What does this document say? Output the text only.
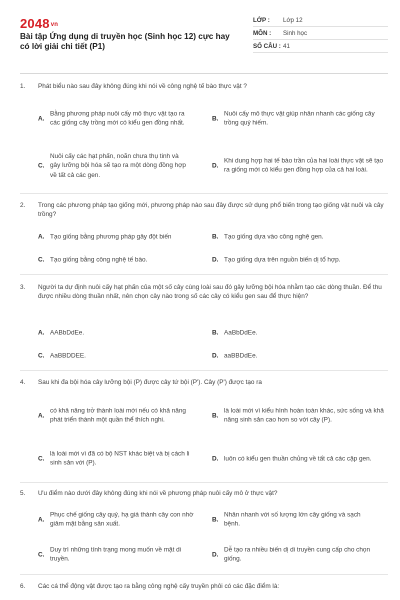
$2048_{vn}$
Bài tập Ứng dụng di truyền học (Sinh học 12) cực hay có lời giải chi tiết (P1)
LỚP :	Lớp 12
MÔN :	Sinh học
SỐ CÂU : 41
1. Phát biểu nào sau đây không đúng khi nói về công nghệ tế bào thực vật ?
A.
Bằng phương pháp nuôi cấy mô thực vật tạo ra các giống cây trồng mới có kiểu gen đồng nhất.
B.
Nuôi cấy mô thực vật giúp nhân nhanh các giống cây trồng quý hiếm.
C.
Nuôi cấy các hạt phấn, noãn chưa thụ tinh và gây lưỡng bội hóa sẽ tạo ra một dòng đồng hợp về tất cả các gen.
D.
Khi dung hợp hai tế bào trần của hai loài thực vật sẽ tạo ra giống mới có kiểu gen đồng hợp của cả hai loài.
2. Trong các phương pháp tạo giống mới, phương pháp nào sau đây được sử dụng phổ biến trong tạo giống vật nuôi và cây trồng?
A. Tạo giống bằng phương pháp gây đột biến	B. Tạo giống dựa vào công nghệ gen.
C. Tạo giống bằng công nghệ tế bào.	D. Tạo giống dựa trên nguồn biến dị tổ hợp.
3. Người ta dự định nuôi cấy hạt phấn của một số cây cùng loài sau đó gây lưỡng bội hóa nhằm tạo các dòng thuần. Để thu được nhiều dòng thuần nhất, nên chọn cây nào trong số các cây có kiểu gen sau để thực hiện?
A. AABbDdEe.	B. AaBbDdEe.
C. AaBBDDEE.	D. aaBBDdEe.
4. Sau khi đa bội hóa cây lưỡng bội (P) được cây tứ bội (P'). Cây (P') được tạo ra
A.
có khả năng trở thành loài mới nếu có khả năng phát triển thành một quần thể thích nghi.
B.
là loài mới vì kiểu hình hoàn toàn khác, sức sống và khả năng sinh sản cao hơn so với cây (P).
C.
là loài mới vì đã có bộ NST khác biệt và bị cách li sinh sản với (P).
D. luôn có kiểu gen thuần chủng về tất cả các cặp gen.
5. Ưu điểm nào dưới đây không đúng khi nói về phương pháp nuôi cấy mô ở thực vật?
A.
Phục chế giống cây quý, hạ giá thành cây con nhờ giảm mặt bằng sản xuất.
B.
Nhân nhanh với số lượng lớn cây giống và sạch bệnh.
C.
Duy trì những tính trạng mong muốn về mặt di truyền.
D.
Dễ tạo ra nhiều biến dị di truyền cung cấp cho chọn giống.
6. Các cá thể động vật được tạo ra bằng công nghệ cấy truyền phôi có các đặc điểm là:
